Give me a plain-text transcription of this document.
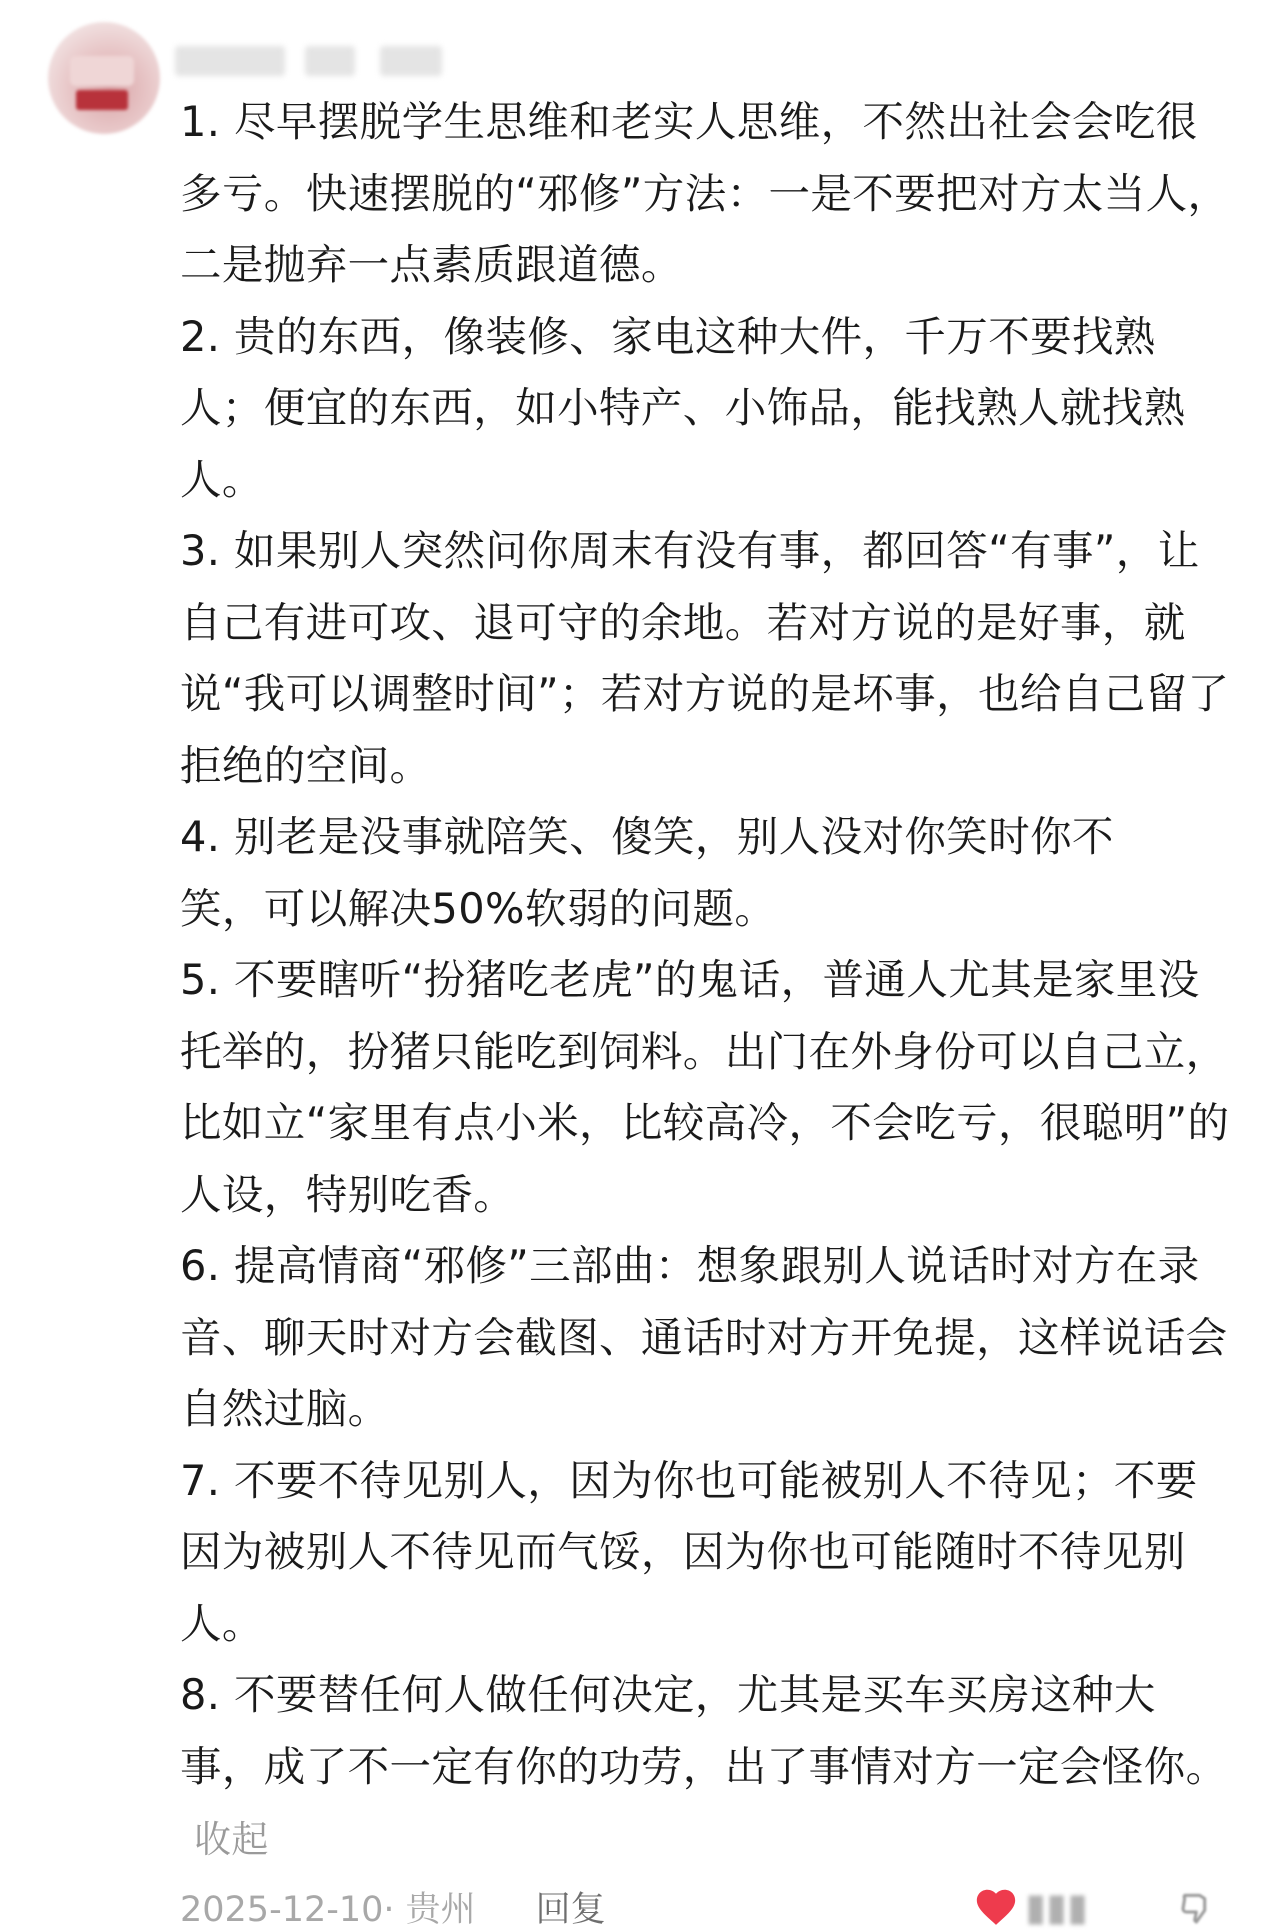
1. 尽早摆脱学生思维和老实人思维，不然出社会会吃很多亏。快速摆脱的“邪修”方法：一是不要把对方太当人，二是抛弃一点素质跟道德。

2. 贵的东西，像装修、家电这种大件，千万不要找熟人；便宜的东西，如小特产、小饰品，能找熟人就找熟人。

3. 如果别人突然问你周末有没有事，都回答“有事”，让自己有进可攻、退可守的余地。若对方说的是好事，就说“我可以调整时间”；若对方说的是坏事，也给自己留了拒绝的空间。

4. 别老是没事就陪笑、傻笑，别人没对你笑时你不笑，可以解决50%软弱的问题。

5. 不要瞎听“扮猪吃老虎”的鬼话，普通人尤其是家里没托举的，扮猪只能吃到饲料。出门在外身份可以自己立，比如立“家里有点小米，比较高冷，不会吃亏，很聪明”的人设，特别吃香。

6. 提高情商“邪修”三部曲：想象跟别人说话时对方在录音、聊天时对方会截图、通话时对方开免提，这样说话会自然过脑。

7. 不要不待见别人，因为你也可能被别人不待见；不要因为被别人不待见而气馁，因为你也可能随时不待见别人。

8. 不要替任何人做任何决定，尤其是买车买房这种大事，成了不一定有你的功劳，出了事情对方一定会怪你。收起

2025-12-10· 贵州 回复	▮▮▮
